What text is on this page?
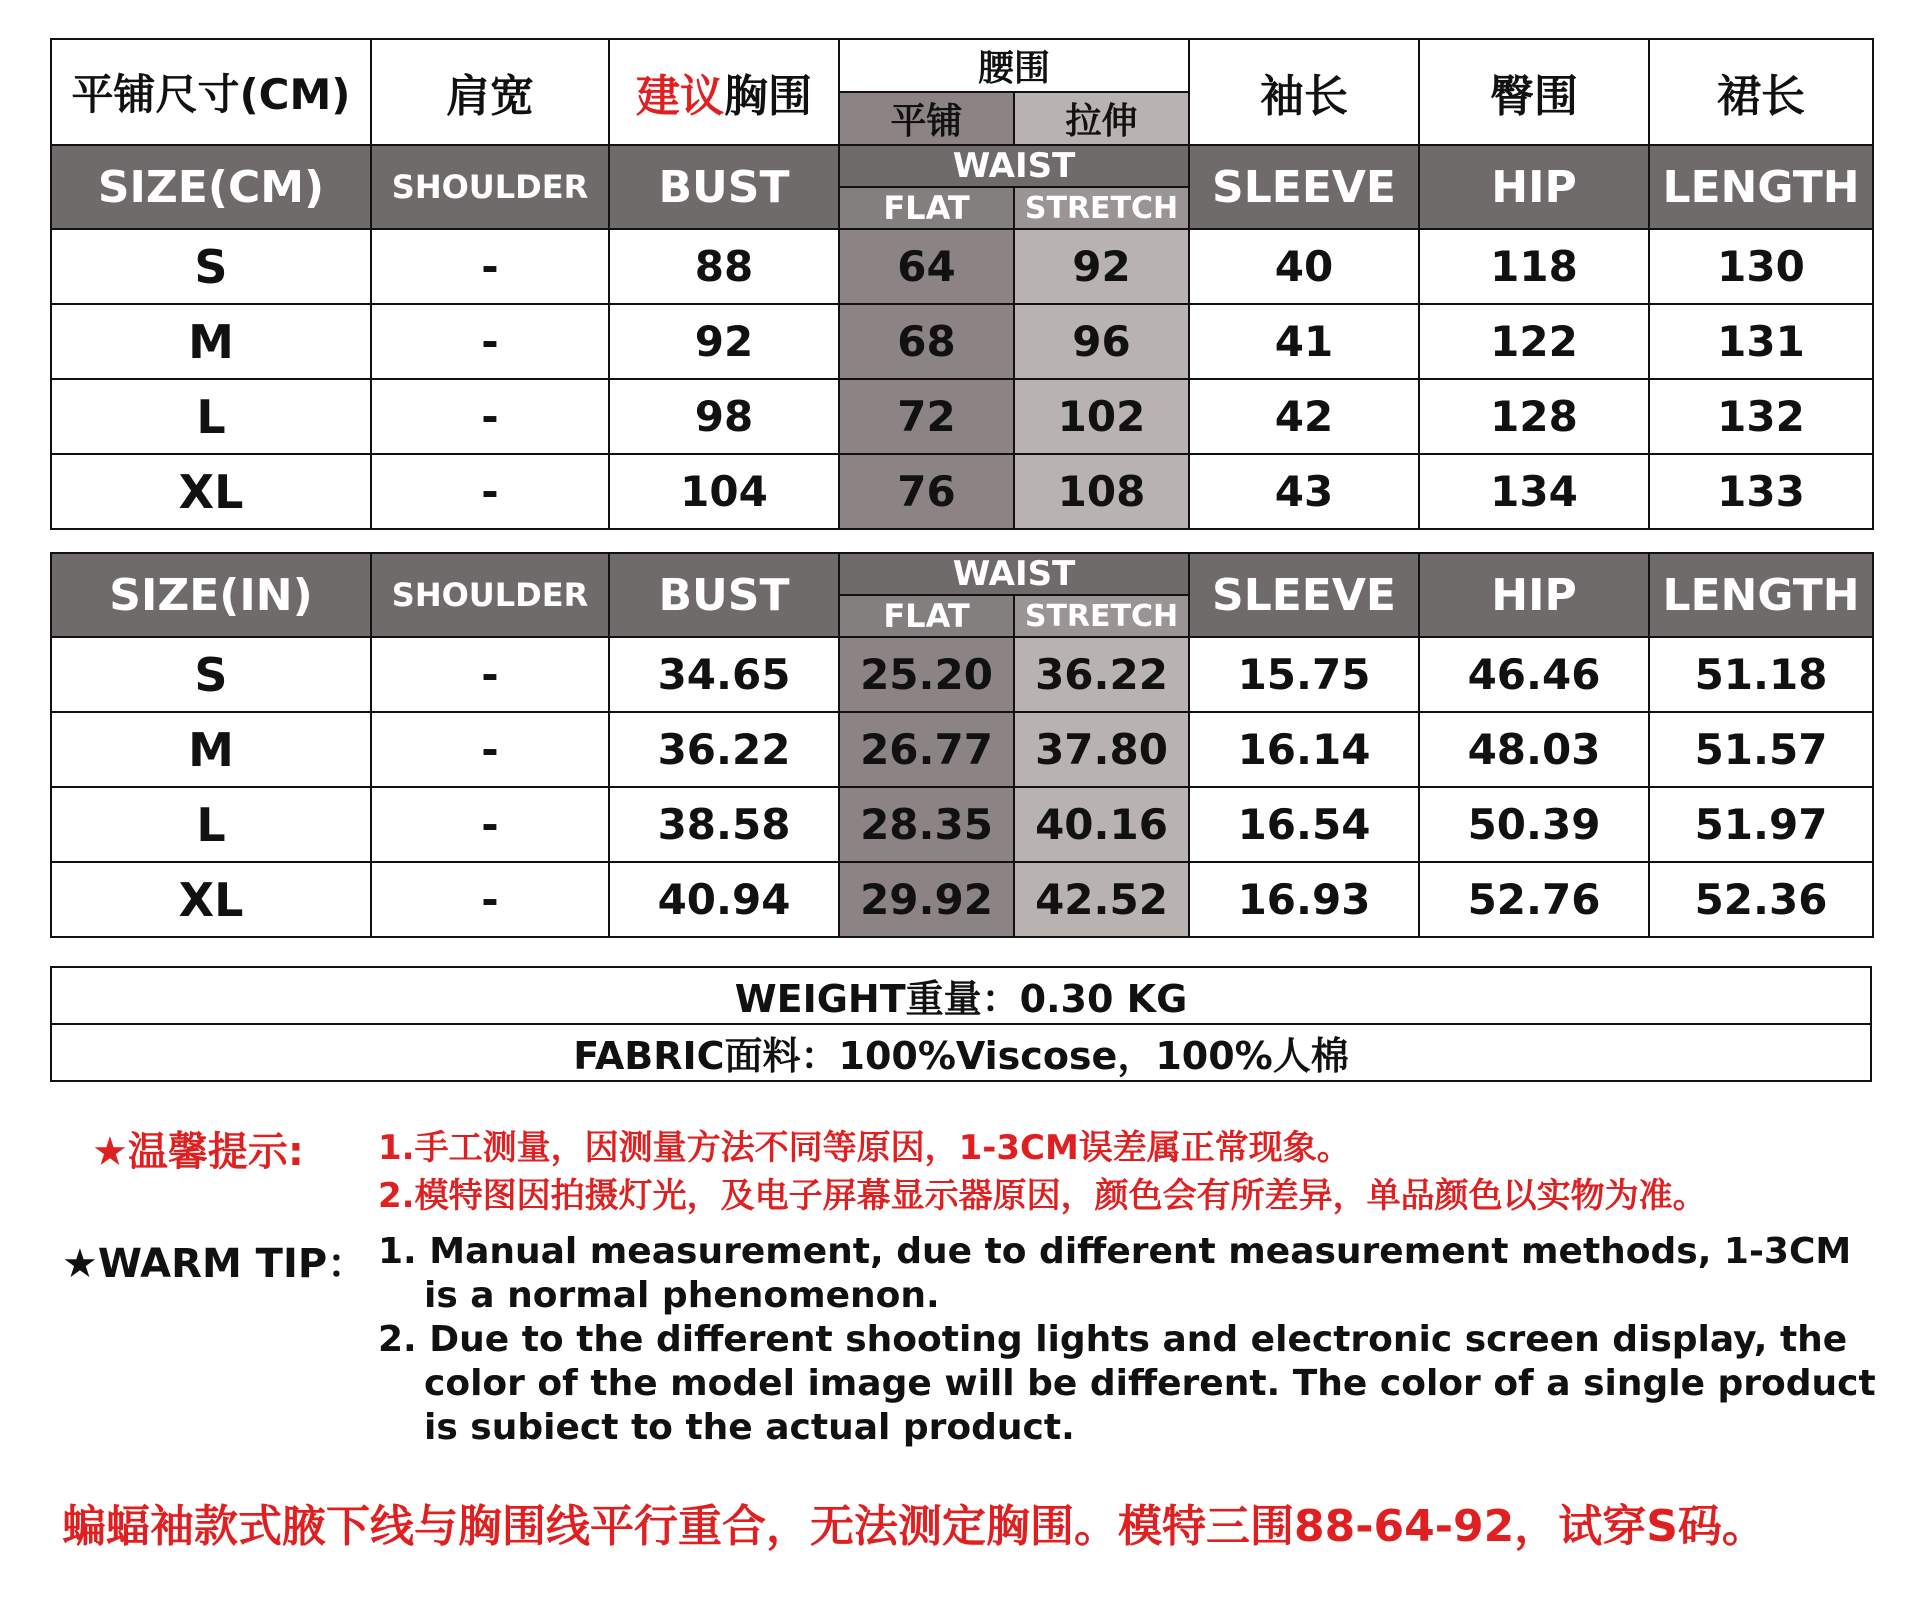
平铺尺寸(CM)	肩宽	建议胸围	腰围		袖长	臀围	裙长
			平铺	拉伸			
SIZE(CM)	SHOULDER	BUST	WAIST		SLEEVE	HIP	LENGTH
			FLAT	STRETCH			
S	-	88	64	92	40	118	130
M	-	92	68	96	41	122	131
L	-	98	72	102	42	128	132
XL	-	104	76	108	43	134	133
SIZE(IN)	SHOULDER	BUST	WAIST		SLEEVE	HIP	LENGTH
			FLAT	STRETCH			
S	-	34.65	25.20	36.22	15.75	46.46	51.18
M	-	36.22	26.77	37.80	16.14	48.03	51.57
L	-	38.58	28.35	40.16	16.54	50.39	51.97
XL	-	40.94	29.92	42.52	16.93	52.76	52.36
WEIGHT重量：0.30 KG
FABRIC面料：100%Viscose，100%人棉
★温馨提示: 1.手工测量，因测量方法不同等原因，1-3CM误差属正常现象。
2.模特图因拍摄灯光，及电子屏幕显示器原因，颜色会有所差异，单品颜色以实物为准。
★WARM TIP： 1. Manual measurement, due to different measurement methods, 1-3CM
is a normal phenomenon.
2. Due to the different shooting lights and electronic screen display, the
color of the model image will be different. The color of a single product
is subiect to the actual product.
蝙蝠袖款式腋下线与胸围线平行重合，无法测定胸围。模特三围88-64-92，试穿S码。
